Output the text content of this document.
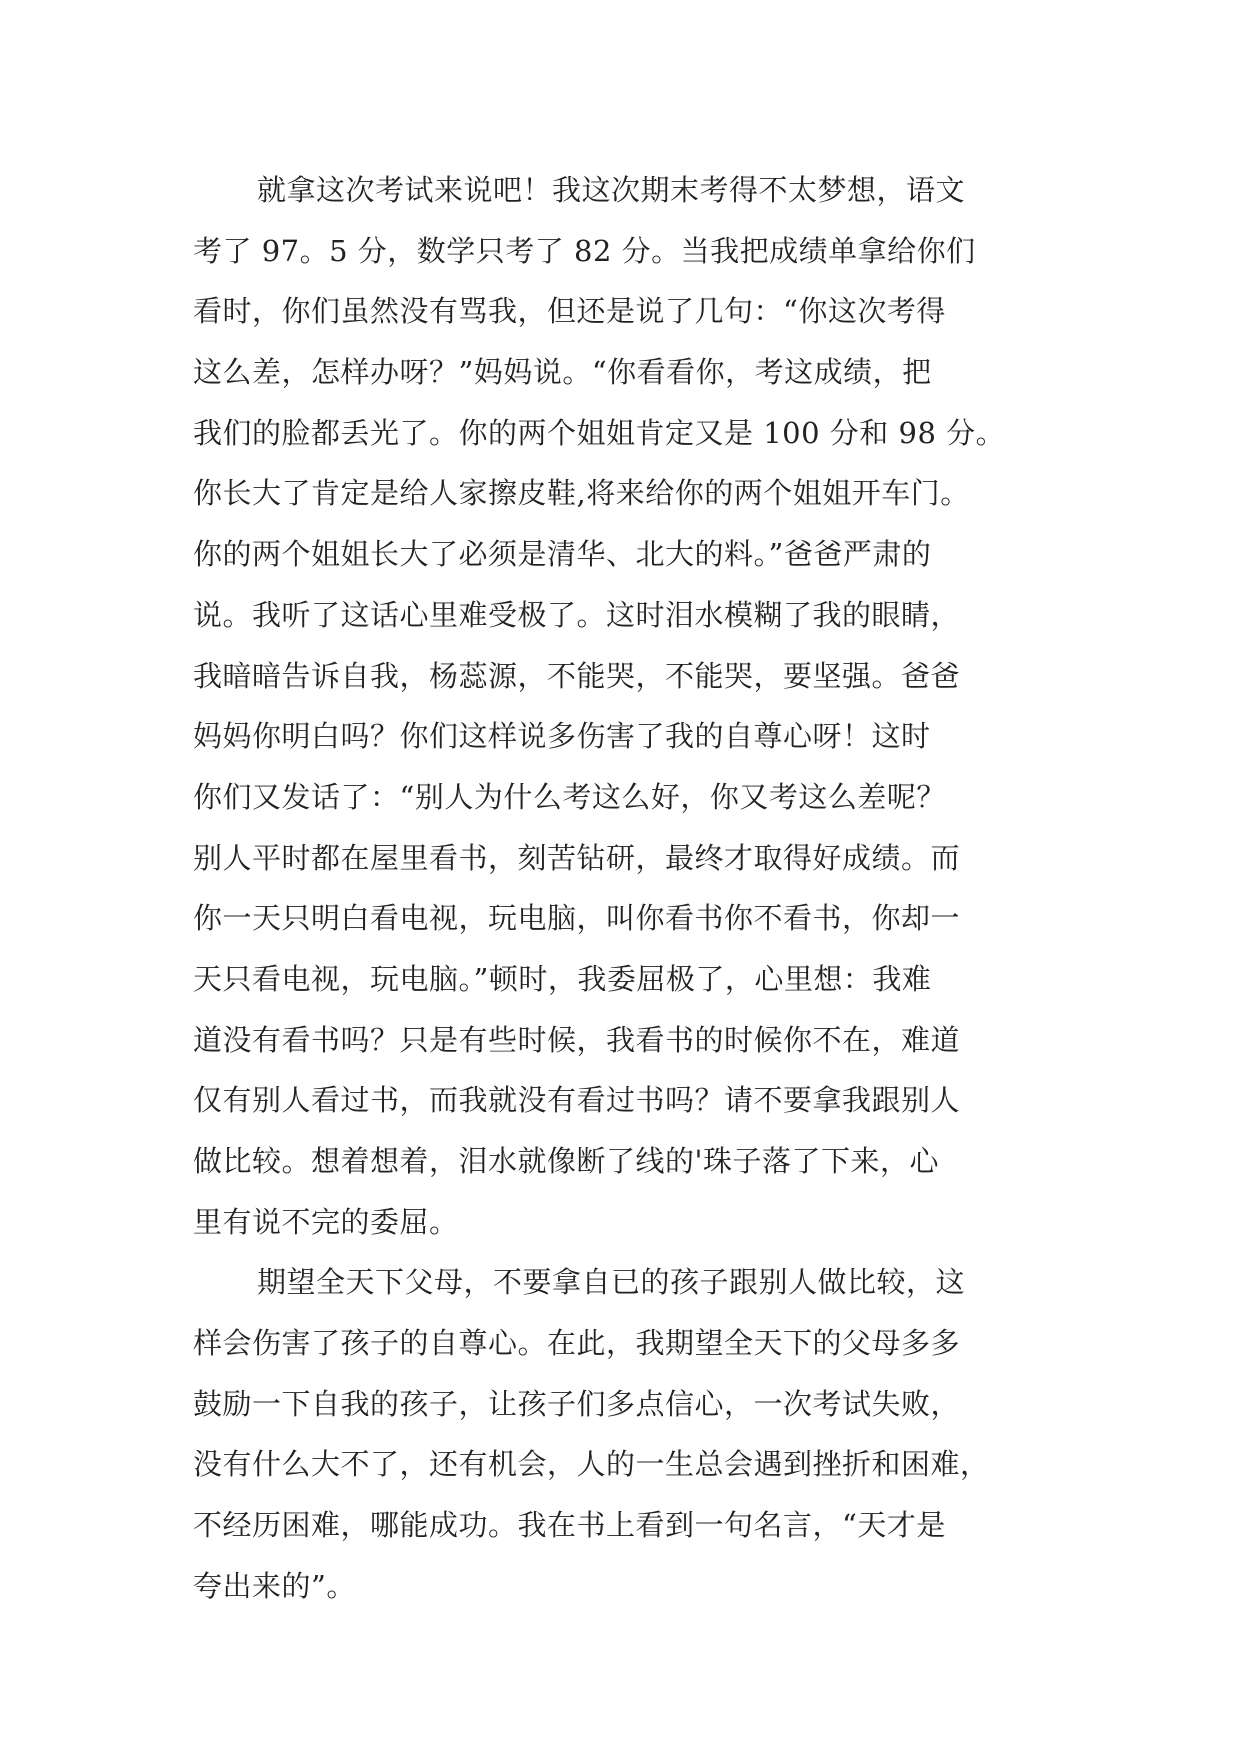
就拿这次考试来说吧！我这次期末考得不太梦想，语文
考了 97。5 分，数学只考了 82 分。当我把成绩单拿给你们
看时，你们虽然没有骂我，但还是说了几句：“你这次考得
这么差，怎样办呀？”妈妈说。“你看看你，考这成绩，把
我们的脸都丢光了。你的两个姐姐肯定又是 100 分和 98 分。
你长大了肯定是给人家擦皮鞋,将来给你的两个姐姐开车门。
你的两个姐姐长大了必须是清华、北大的料。”爸爸严肃的
说。我听了这话心里难受极了。这时泪水模糊了我的眼睛，
我暗暗告诉自我，杨蕊源，不能哭，不能哭，要坚强。爸爸
妈妈你明白吗？你们这样说多伤害了我的自尊心呀！这时
你们又发话了：“别人为什么考这么好，你又考这么差呢？
别人平时都在屋里看书，刻苦钻研，最终才取得好成绩。而
你一天只明白看电视，玩电脑，叫你看书你不看书，你却一
天只看电视，玩电脑。”顿时，我委屈极了，心里想：我难
道没有看书吗？只是有些时候，我看书的时候你不在，难道
仅有别人看过书，而我就没有看过书吗？请不要拿我跟别人
做比较。想着想着，泪水就像断了线的'珠子落了下来，心
里有说不完的委屈。
期望全天下父母，不要拿自已的孩子跟别人做比较，这
样会伤害了孩子的自尊心。在此，我期望全天下的父母多多
鼓励一下自我的孩子，让孩子们多点信心，一次考试失败，
没有什么大不了，还有机会，人的一生总会遇到挫折和困难，
不经历困难，哪能成功。我在书上看到一句名言，“天才是
夸出来的”。
